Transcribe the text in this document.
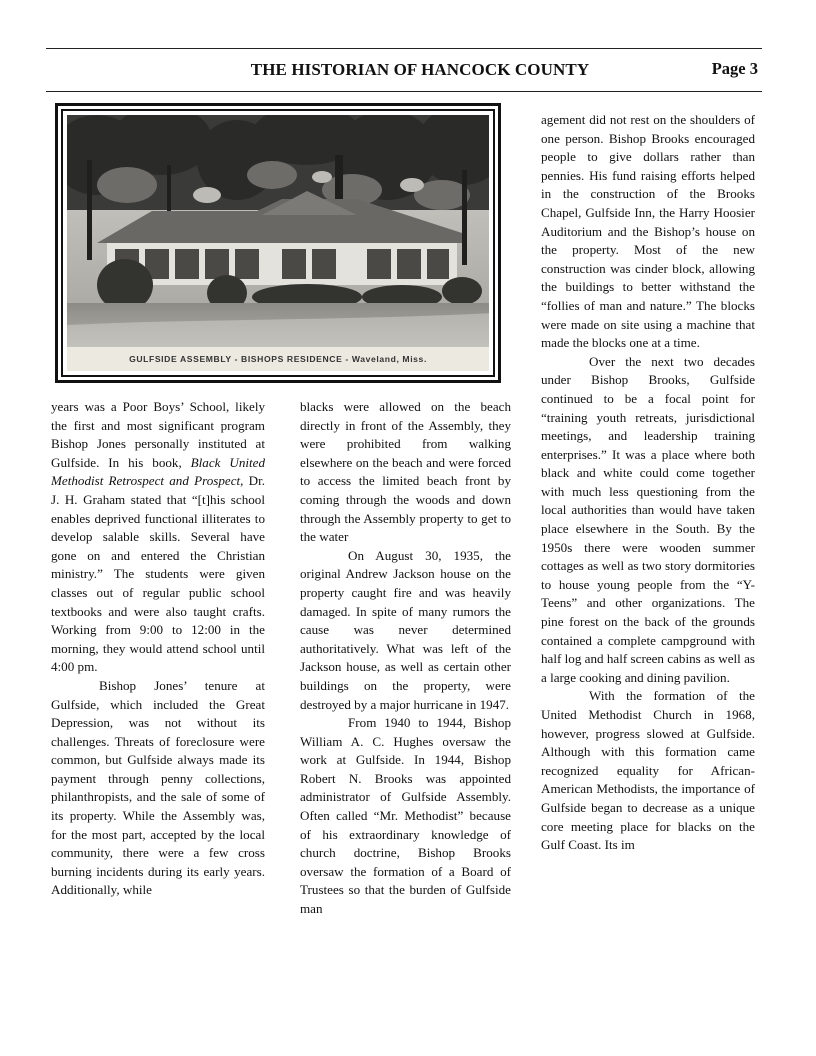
THE HISTORIAN OF HANCOCK COUNTY	Page 3
GULFSIDE ASSEMBLY - BISHOPS RESIDENCE - Waveland, Miss.

years was a Poor Boys’ School, likely the first and most significant program Bishop Jones personally instituted at Gulfside. In his book, Black United Methodist Retrospect and Prospect, Dr. J. H. Graham stated that “[t]his school enables deprived functional illiterates to develop salable skills. Several have gone on and entered the Christian ministry.” The students were given classes out of regular public school textbooks and were also taught crafts. Working from 9:00 to 12:00 in the morning, they would attend school until 4:00 pm.

Bishop Jones’ tenure at Gulfside, which included the Great Depression, was not without its challenges. Threats of foreclosure were common, but Gulfside always made its payment through penny collections, philanthropists, and the sale of some of its property. While the Assembly was, for the most part, accepted by the local community, there were a few cross burning incidents during its early years. Additionally, while

blacks were allowed on the beach directly in front of the Assembly, they were prohibited from walking elsewhere on the beach and were forced to access the limited beach front by coming through the woods and down through the Assembly property to get to the water

On August 30, 1935, the original Andrew Jackson house on the property caught fire and was heavily damaged. In spite of many rumors the cause was never determined authoritatively. What was left of the Jackson house, as well as certain other buildings on the property, were destroyed by a major hurricane in 1947.

From 1940 to 1944, Bishop William A. C. Hughes oversaw the work at Gulfside. In 1944, Bishop Robert N. Brooks was appointed administrator of Gulfside Assembly. Often called “Mr. Methodist” because of his extraordinary knowledge of church doctrine, Bishop Brooks oversaw the formation of a Board of Trustees so that the burden of Gulfside man

agement did not rest on the shoulders of one person. Bishop Brooks encouraged people to give dollars rather than pennies. His fund raising efforts helped in the construction of the Brooks Chapel, Gulfside Inn, the Harry Hoosier Auditorium and the Bishop’s house on the property. Most of the new construction was cinder block, allowing the buildings to better withstand the “follies of man and nature.” The blocks were made on site using a machine that made the blocks one at a time.

Over the next two decades under Bishop Brooks, Gulfside continued to be a focal point for “training youth retreats, jurisdictional meetings, and leadership training enterprises.” It was a place where both black and white could come together with much less questioning from the local authorities than would have taken place elsewhere in the South. By the 1950s there were wooden summer cottages as well as two story dormitories to house young people from the “Y-Teens” and other organizations. The pine forest on the back of the grounds contained a complete campground with half log and half screen cabins as well as a large cooking and dining pavilion.

With the formation of the United Methodist Church in 1968, however, progress slowed at Gulfside. Although with this formation came recognized equality for African-American Methodists, the importance of Gulfside began to decrease as a unique core meeting place for blacks on the Gulf Coast. Its im
